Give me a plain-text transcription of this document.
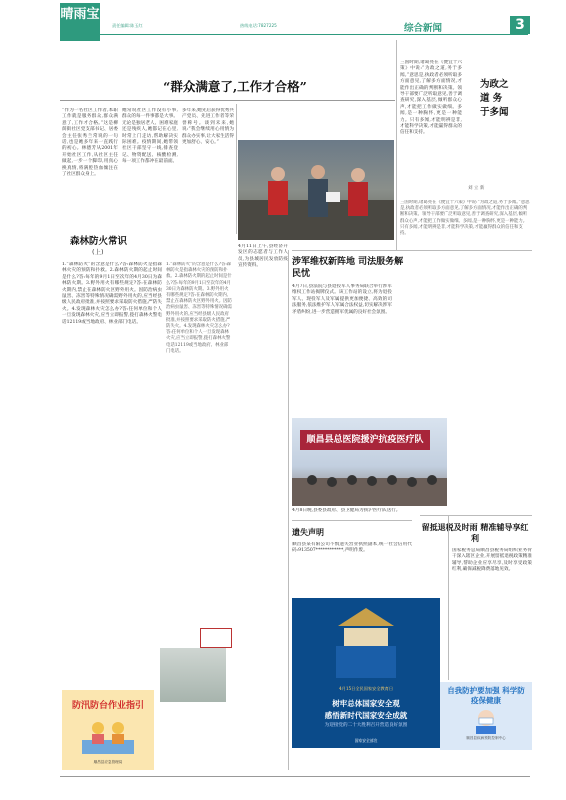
晴雨宝
责任编辑:陈玉红	热线电话:7827225	综合新闻	3
“群众满意了,工作才合格”
“作为一名社区工作者,本职工作就是服务群众,群众满意了,工作才合格。”这是柳荫街社区党支部书记、居委会主任张秀兰常说的一句话,也是她多年来一直践行的初心。林德芳从2001年开始社区工作,从社区主任做起,一步一个脚印,用真心换真情,将满腔热血倾注在了社区群众身上。
她常说社区工作没有小事,群众的每一件事都是大事。无论是独居老人、困难家庭还是残疾人,她都记在心里,时常上门走访,帮助解决实际困难。疫情期间,她带领社区干部坚守一线,排查登记、物资配送、核酸检测,每一项工作都冲在最前面。
多年来,她先后获得优秀共产党员、先进工作者等荣誉称号。谈到未来,她说:“我会继续用心用情为群众办实事,让大家生活得更加舒心、安心。”
4月11日上午,县经济开发区的志愿者与工作人员,为县城居民发放防疫宣传资料。
为政之道 务于多闻
刘 立 新
三国时期,诸葛亮在《便宜十六策》中说:“为政之道,务于多闻。”意思是,执政者必须听取多方面意见,了解多方面情况,才能作出正确的判断和决策。领导干部要广泛听取意见,善于调查研究,深入基层,倾听群众心声,才能把工作做实做细。多闻,是一种胸怀,更是一种能力。只有多闻,才能明辨是非,才能科学决策,才能赢得群众的信任和支持。
三国时期,诸葛亮在《便宜十六策》中说:“为政之道,务于多闻。”意思是,执政者必须听取多方面意见,了解多方面情况,才能作出正确的判断和决策。领导干部要广泛听取意见,善于调查研究,深入基层,倾听群众心声,才能把工作做实做细。多闻,是一种胸怀,更是一种能力。只有多闻,才能明辨是非,才能科学决策,才能赢得群众的信任和支持。
涉军维权新阵地 司法服务解民忧
4月7日,县法院与县退役军人事务局联合举行涉军维权工作站揭牌仪式。该工作站的设立,将为退役军人、现役军人及军属提供更加便捷、高效的司法服务,依法维护军人军属合法权益,切实解决涉军矛盾纠纷,进一步营造拥军优属的良好社会氛围。
顺昌县总医院援沪抗疫医疗队
4月8日晚,县委县政府、县卫健局为援沪医疗队送行。
森林防火常识
(上)
1.“森林防火”的含意是什么?答:森林防火是指森林火灾的预防和扑救。2.森林防火期的起止时间是什么?答:每年的9月1日至次年的4月30日为森林防火期。3.野外用火有哪些规定?答:在森林防火期内,禁止在森林防火区野外用火。因防治病虫鼠害、冻害等特殊情况确需野外用火的,应当经县级人民政府批准,并按照要求采取防火措施,严防失火。4.发现森林火灾怎么办?答:任何单位和个人一旦发现森林火灾,应当立即报警,拨打森林火警电话12119或当地政府、林业部门电话。
1.“森林防火”的含意是什么?答:森林防火是指森林火灾的预防和扑救。2.森林防火期的起止时间是什么?答:每年的9月1日至次年的4月30日为森林防火期。3.野外用火有哪些规定?答:在森林防火期内,禁止在森林防火区野外用火。因防治病虫鼠害、冻害等特殊情况确需野外用火的,应当经县级人民政府批准,并按照要求采取防火措施,严防失火。4.发现森林火灾怎么办?答:任何单位和个人一旦发现森林火灾,应当立即报警,拨打森林火警电话12119或当地政府、林业部门电话。
遗失声明
顺昌县某有限公司不慎遗失营业执照副本,统一社会信用代码:913507************,声明作废。
留抵退税及时雨 精准辅导享红利
国家税务总局顺昌县税务局组织业务骨干深入辖区企业,开展留抵退税政策精准辅导,帮助企业应享尽享,及时享受政策红利,确保减税降费落地见效。
防汛防台作业指引
顺昌县应急管理局
4月15日全民国家安全教育日
树牢总体国家安全观
感悟新时代国家安全成就
为迎接党的二十大胜利召开营造良好氛围
国家安全部宣
自我防护要加强 科学防疫保健康
顺昌县疾病预防控制中心
